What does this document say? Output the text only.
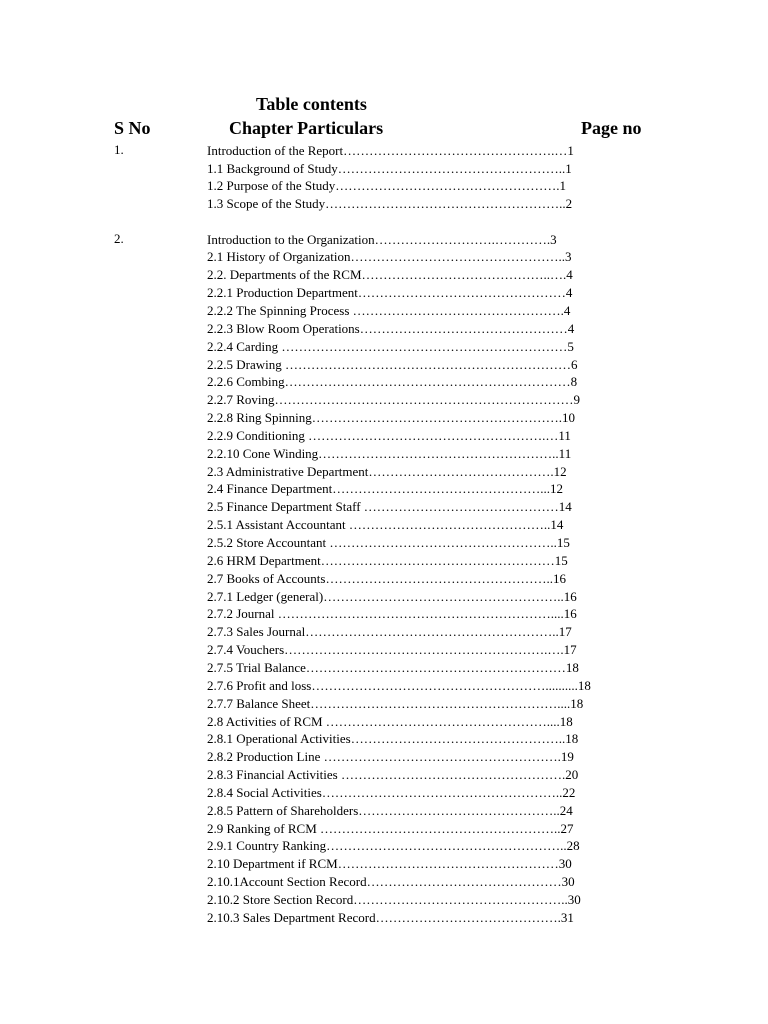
Table contents
S No	Chapter Particulars	Page no
1.	Introduction of the Report………………………………………….…1
1.1 Background of Study……………………………………………..1
1.2 Purpose of the Study…………………………………………….1
1.3 Scope of the Study………………………………………………..2
2.	Introduction to the Organization……………………….………….3
2.1 History of Organization…………………………………………..3
2.2. Departments of the RCM……………………………………..….4
2.2.1 Production Department…………………………………………4
2.2.2 The Spinning Process ………………………………………….4
2.2.3 Blow Room Operations…………………………………………4
2.2.4 Carding …………………………………………………………5
2.2.5 Drawing …………………………………………………………6
2.2.6 Combing…………………………………………………………8
2.2.7 Roving……………………………………………………………9
2.2.8 Ring Spinning………………………………………………….10
2.2.9 Conditioning ……………………………………………….…11
2.2.10 Cone Winding………………………………………………..11
2.3 Administrative Department…………………………………….12
2.4 Finance Department…………………………………………...12
2.5 Finance Department Staff ………………………………………14
2.5.1 Assistant Accountant ………………………………………..14
2.5.2 Store Accountant ……………………………………………..15
2.6 HRM Department………………………………………………15
2.7 Books of Accounts……………………………………………..16
2.7.1 Ledger (general)………………………………………………..16
2.7.2 Journal ………………………………………………………....16
2.7.3 Sales Journal…………………………………………………..17
2.7.4 Vouchers…………………………………………………….….17
2.7.5 Trial Balance……………………………………………………18
2.7.6 Profit and loss………………………………………………..........18
2.7.7 Balance Sheet…………………………………………………....18
2.8 Activities of RCM ……………………………………………....18
2.8.1 Operational Activities…………………………………………..18
2.8.2 Production Line ……………………………………………….19
2.8.3 Financial Activities …………………………………………….20
2.8.4 Social Activities………………………………………………..22
2.8.5 Pattern of Shareholders………………………………………..24
2.9 Ranking of RCM ………………………………………………..27
2.9.1 Country Ranking………………………………………………..28
2.10 Department if RCM……………………………………………30
2.10.1Account Section Record………………………………………30
2.10.2 Store Section Record…………………………………………..30
2.10.3 Sales Department Record…………………………………….31
